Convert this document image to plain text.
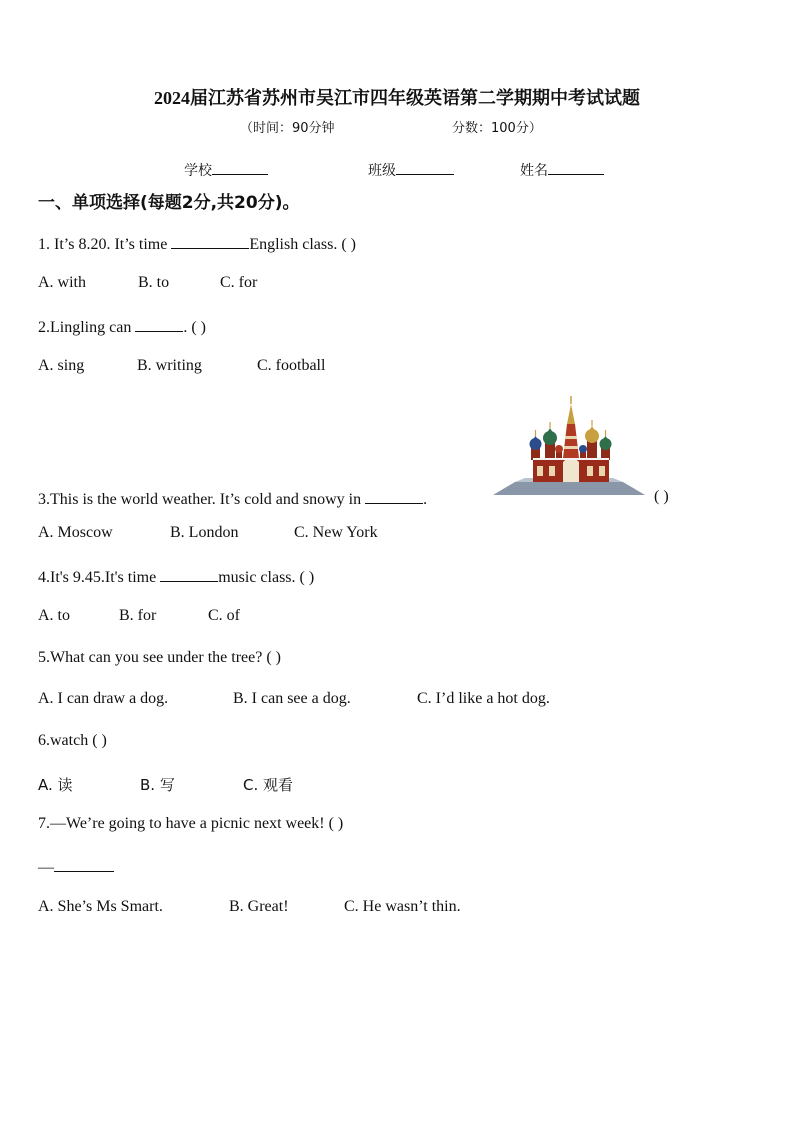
2024届江苏省苏州市吴江市四年级英语第二学期期中考试试题
（时间：90分钟	分数：100分）
学校	班级	姓名
一、单项选择(每题2分,共20分)。
1. It’s 8.20. It’s time	English class. ( )
A. with	B. to	C. for
2.Lingling can	. ( )
A. sing	B. writing	C. football
3.This is the world weather. It’s cold and snowy in	.	( )
A. Moscow	B. London	C. New York
4.It's 9.45.It's time	music class. ( )
A. to	B. for	C. of
5.What can you see under the tree? ( )
A. I can draw a dog.	B. I can see a dog.	C. I’d like a hot dog.
6.watch ( )
A. 读	B. 写	C. 观看
7.—We’re going to have a picnic next week! ( )
—
A. She’s Ms Smart.	B. Great!	C. He wasn’t thin.
